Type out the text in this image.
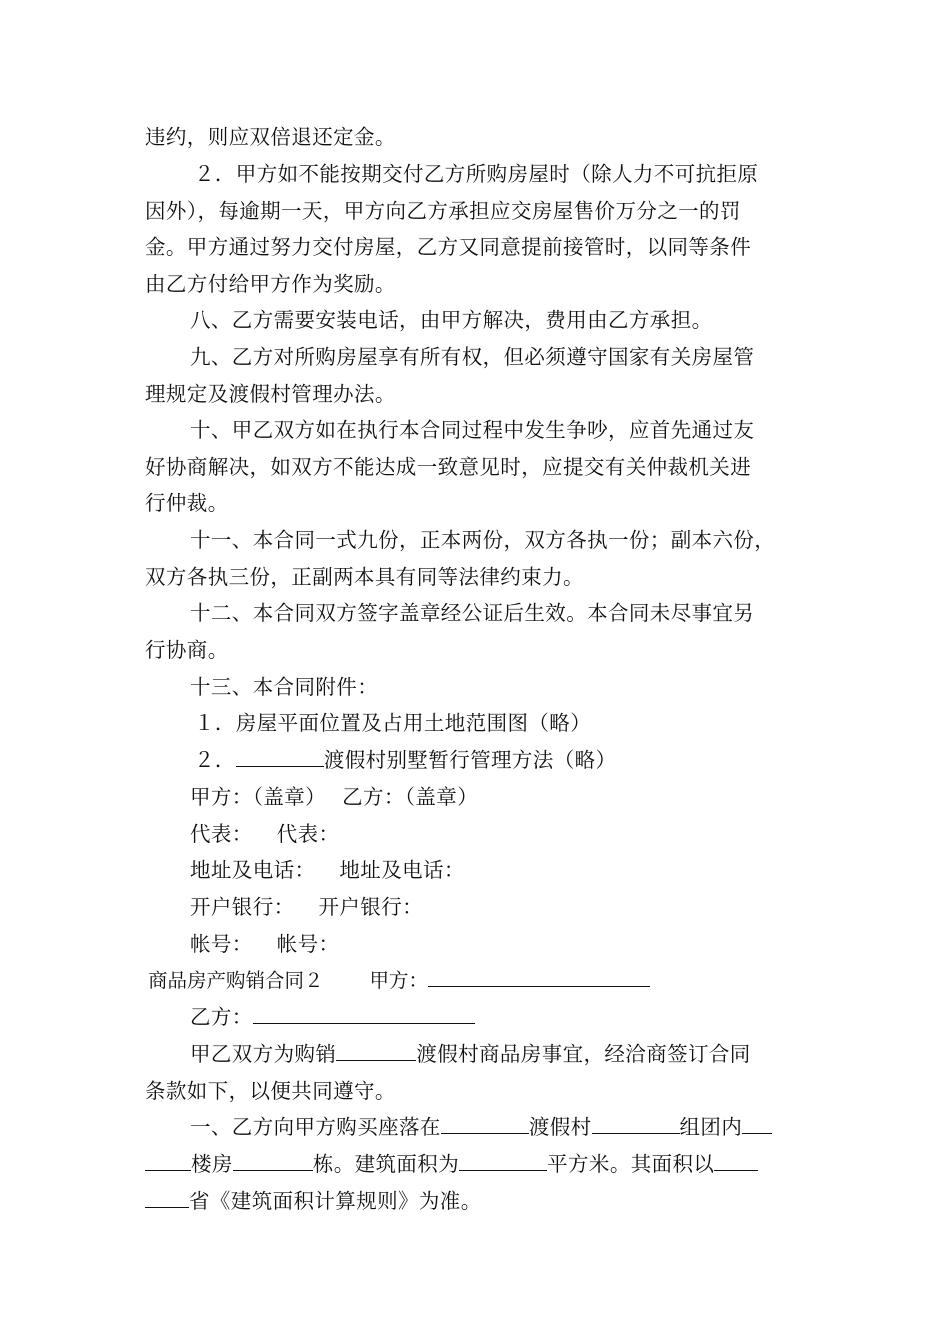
违约，则应双倍退还定金。
２．甲方如不能按期交付乙方所购房屋时（除人力不可抗拒原
因外），每逾期一天，甲方向乙方承担应交房屋售价万分之一的罚
金。甲方通过努力交付房屋，乙方又同意提前接管时，以同等条件
由乙方付给甲方作为奖励。
八、乙方需要安装电话，由甲方解决，费用由乙方承担。
九、乙方对所购房屋享有所有权，但必须遵守国家有关房屋管
理规定及渡假村管理办法。
十、甲乙双方如在执行本合同过程中发生争吵，应首先通过友
好协商解决，如双方不能达成一致意见时，应提交有关仲裁机关进
行仲裁。
十一、本合同一式九份，正本两份，双方各执一份；副本六份，
双方各执三份，正副两本具有同等法律约束力。
十二、本合同双方签字盖章经公证后生效。本合同未尽事宜另
行协商。
十三、本合同附件：
１．房屋平面位置及占用土地范围图（略）
２．	渡假村别墅暂行管理方法（略）
甲方：（盖章） 乙方：（盖章）
代表： 代表：
地址及电话： 地址及电话：
开户银行： 开户银行：
帐号： 帐号：
商品房产购销合同２ 甲方：
乙方：
甲乙双方为购销	渡假村商品房事宜，经洽商签订合同
条款如下，以便共同遵守。
一、乙方向甲方购买座落在	渡假村	组团内
楼房	栋。建筑面积为	平方米。其面积以
省《建筑面积计算规则》为准。
